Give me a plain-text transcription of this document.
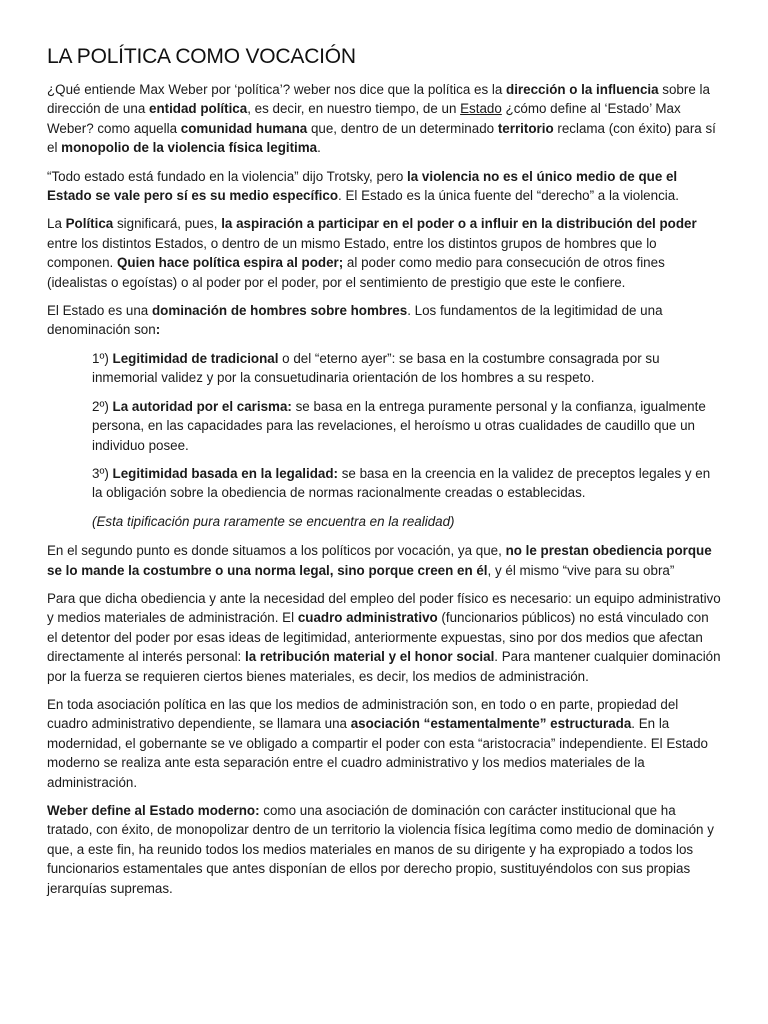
LA POLÍTICA COMO VOCACIÓN

¿Qué entiende Max Weber por ‘política’? weber nos dice que la política es la dirección o la influencia sobre la dirección de una entidad política, es decir, en nuestro tiempo, de un Estado ¿cómo define al ‘Estado’ Max Weber? como aquella comunidad humana que, dentro de un determinado territorio reclama (con éxito) para sí el monopolio de la violencia física legitima.

“Todo estado está fundado en la violencia” dijo Trotsky, pero la violencia no es el único medio de que el Estado se vale pero sí es su medio específico. El Estado es la única fuente del “derecho” a la violencia.

La Política significará, pues, la aspiración a participar en el poder o a influir en la distribución del poder entre los distintos Estados, o dentro de un mismo Estado, entre los distintos grupos de hombres que lo componen. Quien hace política espira al poder; al poder como medio para consecución de otros fines (idealistas o egoístas) o al poder por el poder, por el sentimiento de prestigio que este le confiere.

El Estado es una dominación de hombres sobre hombres. Los fundamentos de la legitimidad de una denominación son:

1º) Legitimidad de tradicional o del “eterno ayer”: se basa en la costumbre consagrada por su inmemorial validez y por la consuetudinaria orientación de los hombres a su respeto.

2º) La autoridad por el carisma: se basa en la entrega puramente personal y la confianza, igualmente persona, en las capacidades para las revelaciones, el heroísmo u otras cualidades de caudillo que un individuo posee.

3º) Legitimidad basada en la legalidad: se basa en la creencia en la validez de preceptos legales y en la obligación sobre la obediencia de normas racionalmente creadas o establecidas.

(Esta tipificación pura raramente se encuentra en la realidad)

En el segundo punto es donde situamos a los políticos por vocación, ya que, no le prestan obediencia porque se lo mande la costumbre o una norma legal, sino porque creen en él, y él mismo “vive para su obra”

Para que dicha obediencia y ante la necesidad del empleo del poder físico es necesario: un equipo administrativo y medios materiales de administración. El cuadro administrativo (funcionarios públicos) no está vinculado con el detentor del poder por esas ideas de legitimidad, anteriormente expuestas, sino por dos medios que afectan directamente al interés personal: la retribución material y el honor social. Para mantener cualquier dominación por la fuerza se requieren ciertos bienes materiales, es decir, los medios de administración.

En toda asociación política en las que los medios de administración son, en todo o en parte, propiedad del cuadro administrativo dependiente, se llamara una asociación “estamentalmente” estructurada. En la modernidad, el gobernante se ve obligado a compartir el poder con esta “aristocracia” independiente. El Estado moderno se realiza ante esta separación entre el cuadro administrativo y los medios materiales de la administración.

Weber define al Estado moderno: como una asociación de dominación con carácter institucional que ha tratado, con éxito, de monopolizar dentro de un territorio la violencia física legítima como medio de dominación y que, a este fin, ha reunido todos los medios materiales en manos de su dirigente y ha expropiado a todos los funcionarios estamentales que antes disponían de ellos por derecho propio, sustituyéndolos con sus propias jerarquías supremas.
